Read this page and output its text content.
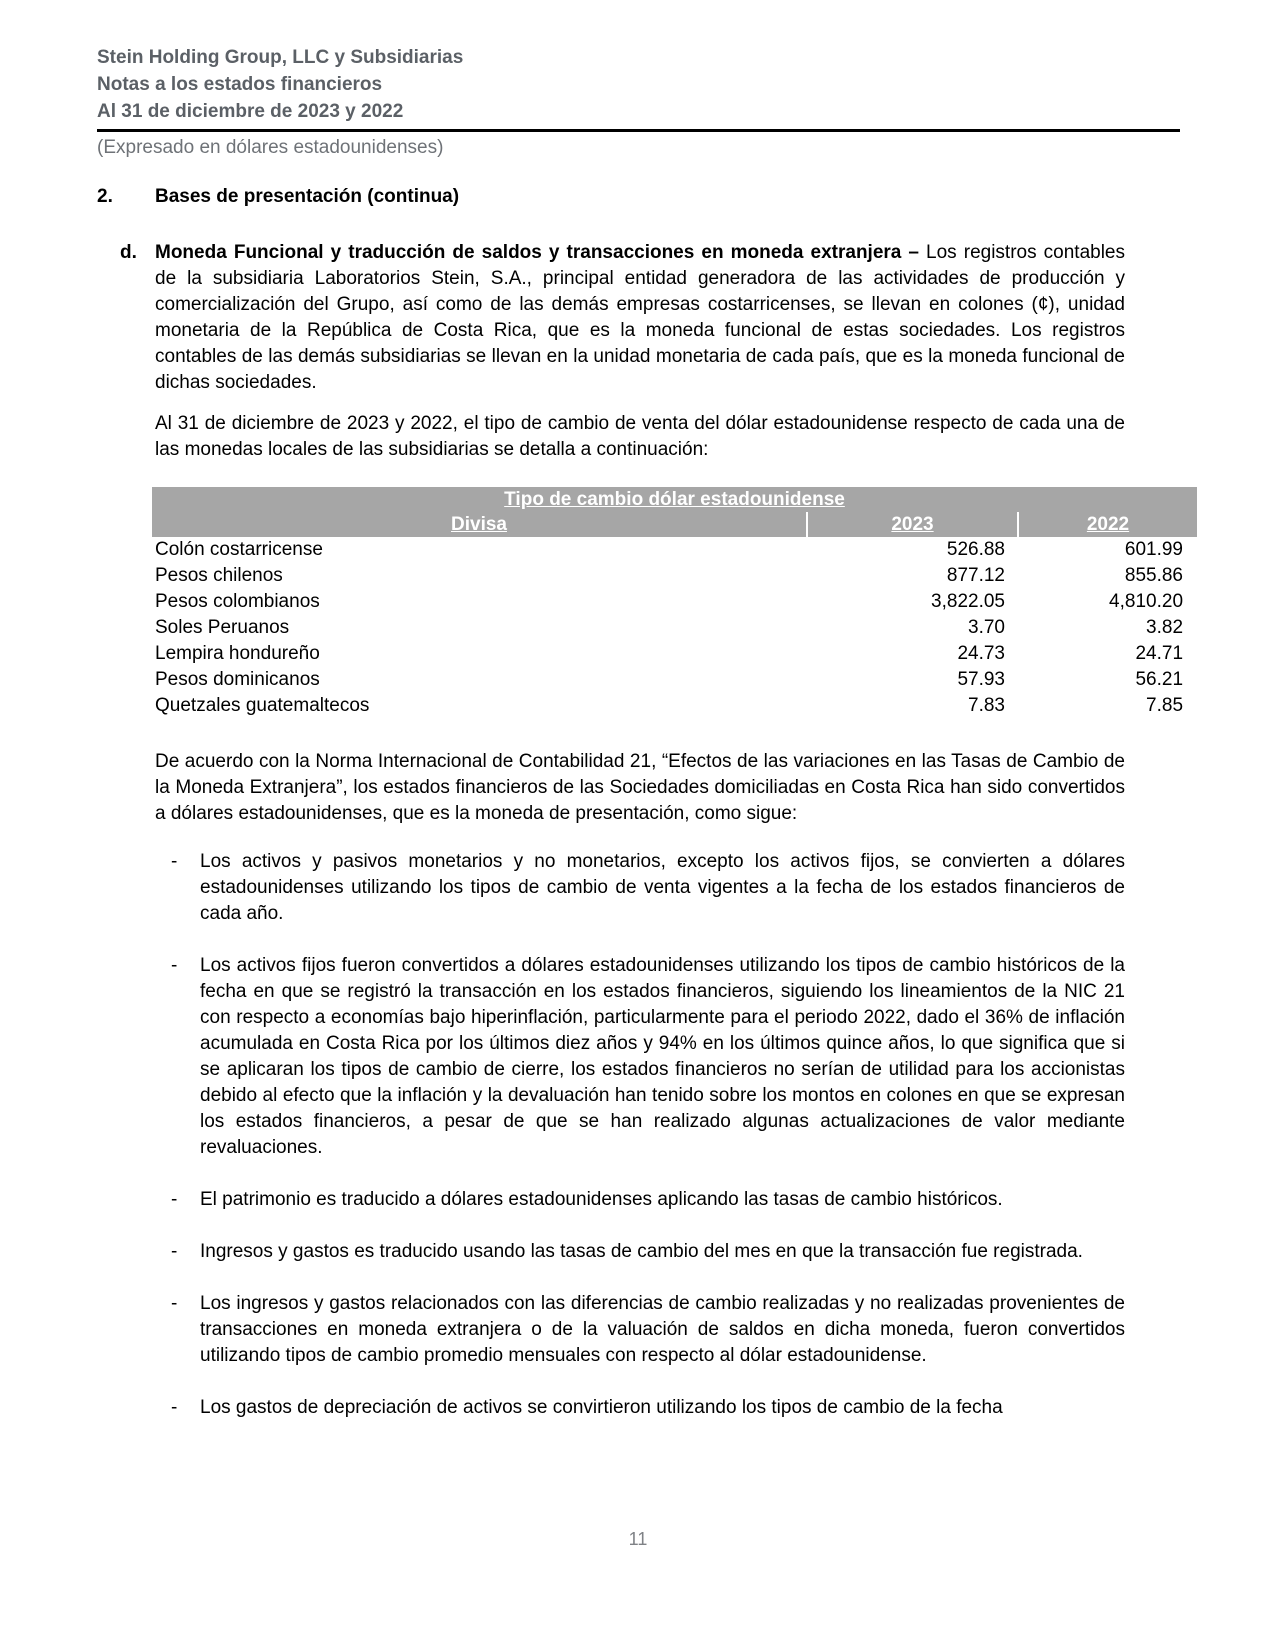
Stein Holding Group, LLC y Subsidiarias
Notas a los estados financieros
Al 31 de diciembre de 2023 y 2022
(Expresado en dólares estadounidenses)
2.	Bases de presentación (continua)
d. Moneda Funcional y traducción de saldos y transacciones en moneda extranjera – Los registros contables de la subsidiaria Laboratorios Stein, S.A., principal entidad generadora de las actividades de producción y comercialización del Grupo, así como de las demás empresas costarricenses, se llevan en colones (¢), unidad monetaria de la República de Costa Rica, que es la moneda funcional de estas sociedades. Los registros contables de las demás subsidiarias se llevan en la unidad monetaria de cada país, que es la moneda funcional de dichas sociedades.
Al 31 de diciembre de 2023 y 2022, el tipo de cambio de venta del dólar estadounidense respecto de cada una de las monedas locales de las subsidiarias se detalla a continuación:
Tipo de cambio dólar estadounidense		
Divisa	2023	2022
Colón costarricense	526.88	601.99
Pesos chilenos	877.12	855.86
Pesos colombianos	3,822.05	4,810.20
Soles Peruanos	3.70	3.82
Lempira hondureño	24.73	24.71
Pesos dominicanos	57.93	56.21
Quetzales guatemaltecos	7.83	7.85
De acuerdo con la Norma Internacional de Contabilidad 21, “Efectos de las variaciones en las Tasas de Cambio de la Moneda Extranjera”, los estados financieros de las Sociedades domiciliadas en Costa Rica han sido convertidos a dólares estadounidenses, que es la moneda de presentación, como sigue:
-	Los activos y pasivos monetarios y no monetarios, excepto los activos fijos, se convierten a dólares estadounidenses utilizando los tipos de cambio de venta vigentes a la fecha de los estados financieros de cada año.
-	Los activos fijos fueron convertidos a dólares estadounidenses utilizando los tipos de cambio históricos de la fecha en que se registró la transacción en los estados financieros, siguiendo los lineamientos de la NIC 21 con respecto a economías bajo hiperinflación, particularmente para el periodo 2022, dado el 36% de inflación acumulada en Costa Rica por los últimos diez años y 94% en los últimos quince años, lo que significa que si se aplicaran los tipos de cambio de cierre, los estados financieros no serían de utilidad para los accionistas debido al efecto que la inflación y la devaluación han tenido sobre los montos en colones en que se expresan los estados financieros, a pesar de que se han realizado algunas actualizaciones de valor mediante revaluaciones.
-	El patrimonio es traducido a dólares estadounidenses aplicando las tasas de cambio históricos.
-	Ingresos y gastos es traducido usando las tasas de cambio del mes en que la transacción fue registrada.
-	Los ingresos y gastos relacionados con las diferencias de cambio realizadas y no realizadas provenientes de transacciones en moneda extranjera o de la valuación de saldos en dicha moneda, fueron convertidos utilizando tipos de cambio promedio mensuales con respecto al dólar estadounidense.
-	Los gastos de depreciación de activos se convirtieron utilizando los tipos de cambio de la fecha
11
